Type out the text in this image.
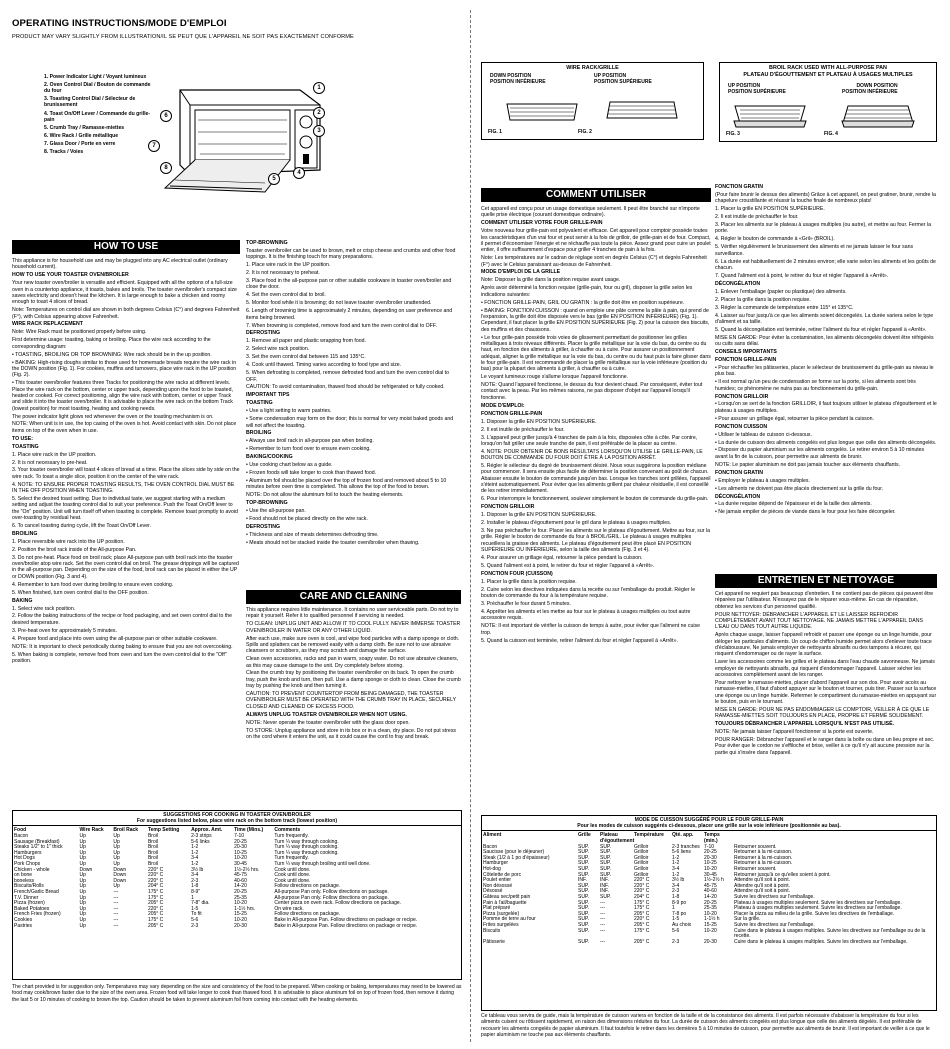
OPERATING INSTRUCTIONS/MODE D'EMPLOI
PRODUCT MAY VARY SLIGHTLY FROM ILLUSTRATION/IL SE PEUT QUE L'APPAREIL NE SOIT PAS EXACTEMENT CONFORME
1. Power Indicator Light / Voyant lumineux
2. Oven Control Dial / Bouton de commande du four
3. Toasting Control Dial / Sélecteur de brunissement
4. Toast On/Off Lever / Commande du grille-pain
5. Crumb Tray / Ramasse-miettes
6. Wire Rack / Grille métallique
7. Glass Door / Porte en verre
8. Tracks / Voies
1
2
3
4
5
6
7
8
WIRE RACK/GRILLE
DOWN POSITION
POSITION INFÉRIEURE
UP POSITION
POSITION SUPÉRIEURE
FIG. 1	FIG. 2
BROIL RACK USED WITH ALL-PURPOSE PAN
PLATEAU D'ÉGOUTTEMENT ET PLATEAU À USAGES MULTIPLES
UP POSITION
POSITION SUPÉRIEURE
DOWN POSITION
POSITION INFÉRIEURE
FIG. 3	FIG. 4
HOW TO USE
CARE AND CLEANING
COMMENT UTILISER
ENTRETIEN ET NETTOYAGE

This appliance is for household use and may be plugged into any AC electrical outlet (ordinary household current).

HOW TO USE YOUR TOASTER OVEN/BROILER

Your new toaster oven/broiler is versatile and efficient. Equipped with all the options of a full-size oven in a countertop appliance, it toasts, bakes and broils. The toaster oven/broiler's compact size saves electricity and doesn't heat the kitchen. It is large enough to bake a chicken and roomy enough to toast 4 slices of bread.

Note: Temperatures on control dial are shown in both degrees Celsius (C°) and degrees Fahrenheit (F°), with Celsius appearing above Fahrenheit.

WIRE RACK REPLACEMENT

Note: Wire Rack must be positioned properly before using.

First determine usage: toasting, baking or broiling. Place the wire rack according to the corresponding diagram:

• TOASTING, BROILING OR TOP BROWNING: Wire rack should be in the up position.

• BAKING: High-rising doughs similar to those used for homemade breads require the wire rack in the DOWN position (Fig. 1). For cookies, muffins and turnovers, place wire rack in the UP position (Fig. 2).

• This toaster oven/broiler features three Tracks for positioning the wire racks at different levels. Place the wire rack on the bottom, center or upper track, depending upon the food to be toasted, heated or cooked. For correct positioning, align the wire rack with bottom, center or upper Track and slide it into the toaster oven/broiler. It is advisable to place the wire rack on the bottom Track (lowest position) for most toasting, heating and cooking needs.

The power indicator light glows red whenever the oven or the toasting mechanism is on.

NOTE: When unit is in use, the top casing of the oven is hot. Avoid contact with skin. Do not place items on top of the oven when in use.

TO USE:

TOASTING

1. Place wire rack in the UP position.

2. It is not necessary to pre-heat.

3. Your toaster oven/broiler will toast 4 slices of bread at a time. Place the slices side by side on the wire rack. To toast a single slice, position it on the center of the wire rack.

4. NOTE: TO ENSURE PROPER TOASTING RESULTS, THE OVEN CONTROL DIAL MUST BE IN THE OFF POSITION WHEN TOASTING.

5. Select the desired toast setting. Due to individual taste, we suggest starting with a medium setting and adjust the toasting control dial to suit your preference. Push the Toast On/Off lever to the "On" position. Unit will turn itself off when toasting is complete. Remove toast promptly to avoid over-toasting by residual heat.

6. To cancel toasting during cycle, lift the Toast On/Off Lever.

BROILING

1. Place reversible wire rack into the UP position.

2. Position the broil rack inside of the All-purpose Pan.

3. Do not pre-heat. Place food on broil rack; place All-purpose pan with broil rack into the toaster oven/broiler atop wire rack. Set the oven control dial on broil. The grease drippings will be captured in the all-purpose pan. Depending on the size of the food, broil rack can be placed in either the UP or DOWN position (Fig. 3 and 4).

4. Remember to turn food over during broiling to ensure even cooking.

5. When finished, turn oven control dial to the OFF position.

BAKING

1. Select wire rack position.

2. Follow the baking instructions of the recipe or food packaging, and set oven control dial to the desired temperature.

3. Pre-heat oven for approximately 5 minutes.

4. Prepare food and place into oven using the all-purpose pan or other suitable cookware.

NOTE: It is important to check periodically during baking to ensure that you are not overcooking.

5. When baking is complete, remove food from oven and turn the oven control dial to the "Off" position.

TOP-BROWNING

Toaster oven/broiler can be used to brown, melt or crisp cheese and crumbs and other food toppings. It is the finishing touch for many preparations.

1. Place wire rack in the UP position.

2. It is not necessary to preheat.

3. Place food in the all-purpose pan or other suitable cookware in toaster oven/broiler and close the door.

4. Set the oven control dial to broil.

5. Monitor food while it is browning; do not leave toaster oven/broiler unattended.

6. Length of browning time is approximately 2 minutes, depending on user preference and items being browned.

7. When browning is completed, remove food and turn the oven control dial to OFF.

DEFROSTING

1. Remove all paper and plastic wrapping from food.

2. Select wire rack position.

3. Set the oven control dial between 115 and 135°C.

4. Cook until thawed. Timing varies according to food type and size.

5. When defrosting is completed, remove defrosted food and turn the oven control dial to OFF.

CAUTION: To avoid contamination, thawed food should be refrigerated or fully cooked.

IMPORTANT TIPS

TOASTING

• Use a light setting to warm pastries.

• Some condensation may form on the door; this is normal for very moist baked goods and will not affect the toasting.

BROILING

• Always use broil rack in all-purpose pan when broiling.

• Remember to turn food over to ensure even cooking.

BAKING/COOKING

• Use cooking chart below as a guide.

• Frozen foods will take longer to cook than thawed food.

• Aluminum foil should be placed over the top of frozen food and removed about 5 to 10 minutes before oven time is completed. This allows the top of the food to brown.

NOTE: Do not allow the aluminum foil to touch the heating elements.

TOP-BROWNING

• Use the all-purpose pan.

• Food should not be placed directly on the wire rack.

DEFROSTING

• Thickness and size of meats determines defrosting time.

• Meats should not be stacked inside the toaster oven/broiler when thawing.

This appliance requires little maintenance. It contains no user serviceable parts. Do not try to repair it yourself. Refer it to qualified personnel if servicing is needed.

TO CLEAN: UNPLUG UNIT AND ALLOW IT TO COOL FULLY. NEVER IMMERSE TOASTER OVEN/BROILER IN WATER OR ANY OTHER LIQUID.

After each use, make sure oven is cool, and wipe food particles with a damp sponge or cloth. Spills and splatters can be removed easily with a damp cloth. Be sure not to use abrasive cleansers or scrubbers, as they may scratch and damage the surface.

Clean oven accessories, racks and pan in warm, soapy water. Do not use abrasive cleaners, as this may cause damage to the unit. Dry completely before storing.

Clean the crumb tray by positioning the toaster oven/broiler on its back. To open the crumb tray, push the knob and turn, then pull. Use a damp sponge or cloth to clean. Close the crumb tray by pushing the knob and then turning it.

CAUTION: TO PREVENT COUNTERTOP FROM BEING DAMAGED, THE TOASTER OVEN/BROILER MUST BE OPERATED WITH THE CRUMB TRAY IN PLACE, SECURELY CLOSED AND CLEANED OF EXCESS FOOD.

ALWAYS UNPLUG TOASTER OVEN/BROILER WHEN NOT USING.

NOTE: Never operate the toaster oven/broiler with the glass door open.

TO STORE: Unplug appliance and store in its box or in a clean, dry place. Do not put stress on the cord where it enters the unit, as it could cause the cord to fray and break.

Cet appareil est conçu pour un usage domestique seulement. Il peut être branché sur n'importe quelle prise électrique (courant domestique ordinaire).

COMMENT UTILISER VOTRE FOUR GRILLE-PAIN

Votre nouveau four grille-pain est polyvalent et efficace. Cet appareil pour comptoir possède toutes les caractéristiques d'un vrai four et peut servir à la fois de grilloir, de grille-pain et de four. Compact, il permet d'économiser l'énergie et ne réchauffe pas toute la pièce. Assez grand pour cuire un poulet entier, il offre suffisamment d'espace pour griller 4 tranches de pain à la fois.

Note: Les températures sur le cadran de réglage sont en degrés Celsius (C°) et degrés Fahrenheit (F°) avec le Celsius paraissant au-dessus de Fahrenheit.

MODE D'EMPLOI DE LA GRILLE

Note: Disposer la grille dans la position requise avant usage.

Après avoir déterminé la fonction requise (grille-pain, four ou gril), disposer la grille selon les indications suivantes:

• FONCTION GRILLE-PAIN, GRIL OU GRATIN : la grille doit être en position supérieure.

• BAKING: FONCTION CUISSON : quand on emploie une pâte comme la pâte à pain, qui prend de l'expansion, la grille doit être disposée vers le bas (grille EN POSITION INFÉRIEURE) (Fig. 1). Cependant, il faut placer la grille EN POSITION SUPÉRIEURE (Fig. 2) pour la cuisson des biscuits, des muffins et des chaussons.

• Le four grille-pain possède trois voies de glissement permettant de positionner les grilles métalliques à trois niveaux différents. Placer la grille métallique sur la voie du bas, du centre ou du haut, en fonction des aliments à griller, à chauffer ou à cuire. Pour assurer un positionnement adéquat, aligner la grille métallique sur la voie du bas, du centre ou du haut puis la faire glisser dans le four grille-pain. Il est recommandé de placer la grille métallique sur la voie inférieure (position du bas) pour la plupart des aliments à griller, à chauffer ou à cuire.

Le voyant lumineux rouge s'allume lorsque l'appareil fonctionne.

NOTE: Quand l'appareil fonctionne, le dessus du four devient chaud. Par conséquent, éviter tout contact avec la peau. Par les mêmes raisons, ne pas disposer d'objet sur l'appareil lorsqu'il fonctionne.

MODE D'EMPLOI:

FONCTION GRILLE-PAIN

1. Disposer la grille EN POSITION SUPÉRIEURE.

2. Il est inutile de préchauffer le four.

3. L'appareil peut griller jusqu'à 4 tranches de pain à la fois, disposées côte à côte. Par contre, lorsqu'on fait griller une seule tranche de pain, il est préférable de la placer au centre.

4. NOTE: POUR OBTENIR DE BONS RÉSULTATS LORSQU'ON UTILISE LE GRILLE-PAIN, LE BOUTON DE COMMANDE DU FOUR DOIT ÊTRE À LA POSITION ARRÊT.

5. Régler le sélecteur du degré de brunissement désiré. Nous vous suggérons la position médiane pour commencer. Il sera ensuite plus facile de déterminer la position convenant au goût de chacun. Abaisser ensuite le bouton de commande jusqu'en bas. Lorsque les tranches sont grillées, l'appareil s'éteint automatiquement. Pour éviter que les aliments grillent par chaleur résiduelle, il est conseillé de les retirer immédiatement.

6. Pour interrompre le fonctionnement, soulever simplement le bouton de commande du grille-pain.

FONCTION GRILLOIR

1. Disposer la grille EN POSITION SUPÉRIEURE.

2. Installer le plateau d'égouttement pour le gril dans le plateau à usages multiples.

3. Ne pas préchauffer le four. Placer les aliments sur le plateau d'égouttement. Mettre au four, sur la grille. Régler le bouton de commande du four à BROIL/GRIL. Le plateau à usages multiples recueillera la graisse des aliments. Le plateau d'égouttement peut être placé EN POSITION SUPÉRIEURE OU INFÉRIEURE, selon la taille des aliments (Fig. 3 et 4).

4. Pour assurer un grillage égal, retourner la pièce pendant la cuisson.

5. Quand l'aliment est à point, le retirer du four et régler l'appareil à «Arrêt».

FONCTION FOUR (CUISSON)

1. Placer la grille dans la position requise.

2. Cuire selon les directives indiquées dans la recette ou sur l'emballage du produit. Régler le bouton de commande du four à la température requise.

3. Préchauffer le four durant 5 minutes.

4. Apprêter les aliments et les mettre au four sur le plateau à usages multiples ou tout autre accessoire requis.

NOTE: Il est important de vérifier la cuisson de temps à autre, pour éviter que l'aliment ne cuise trop.

5. Quand la cuisson est terminée, retirer l'aliment du four et régler l'appareil à «Arrêt».

FONCTION GRATIN

(Pour faire brunir le dessus des aliments) Grâce à cet appareil, on peut gratiner, brunir, rendre la chapelure croustillante et réussir la touche finale de nombreux plats!

1. Placer la grille EN POSITION SUPÉRIEURE.

2. Il est inutile de préchauffer le four.

3. Placer les aliments sur le plateau à usages multiples (ou autre), et mettre au four. Fermer la porte.

4. Régler le bouton de commande à «Gril» (BROIL).

5. Vérifier régulièrement le brunissement des aliments et ne jamais laisser le four sans surveillance.

6. La durée est habituellement de 2 minutes environ; elle varie selon les aliments et les goûts de chacun.

7. Quand l'aliment est à point, le retirer du four et régler l'appareil à «Arrêt».

DÉCONGÉLATION

1. Enlever l'emballage (papier ou plastique) des aliments.

2. Placer la grille dans la position requise.

3. Régler la commande de température entre 115° et 135°C.

4. Laisser au four jusqu'à ce que les aliments soient décongelés. La durée variera selon le type d'aliment et sa taille.

5. Quand la décongélation est terminée, retirer l'aliment du four et régler l'appareil à «Arrêt».

MISE EN GARDE: Pour éviter la contamination, les aliments décongelés doivent être réfrigérés ou cuits sans délai.

CONSEILS IMPORTANTS

FONCTION GRILLE-PAIN

• Pour réchauffer les pâtisseries, placer le sélecteur de brunissement du grille-pain au niveau le plus bas.

• Il est normal qu'un peu de condensation se forme sur la porte, si les aliments sont très humides; ce phénomène ne nuira pas au fonctionnement du grille-pain.

FONCTION GRILLOIR

• Lorsqu'on se sert de la fonction GRILLOIR, il faut toujours utiliser le plateau d'égouttement et le plateau à usages multiples.

• Pour assurer un grillage égal, retourner la pièce pendant la cuisson.

FONCTION CUISSON

• Utiliser le tableau de cuisson ci-dessous.

• La durée de cuisson des aliments congelés est plus longue que celle des aliments décongelés.

• Disposer du papier aluminium sur les aliments congelés. Le retirer environ 5 à 10 minutes avant la fin de la cuisson, pour permettre aux aliments de brunir.

NOTE: Le papier aluminium ne doit pas jamais toucher aux éléments chauffants.

FONCTION GRATIN

• Employer le plateau à usages multiples.

• Les aliments ne doivent pas être placés directement sur la grille du four.

DÉCONGÉLATION

• La durée requise dépend de l'épaisseur et de la taille des aliments.

• Ne jamais empiler de pièces de viande dans le four pour les faire décongeler.

Cet appareil ne requiert pas beaucoup d'entretien. Il ne contient pas de pièces qui peuvent être réparées par l'utilisateur. N'essayez pas de le réparer vous-même. En cas de réparation, obtenez les services d'un personnel qualifié.

POUR NETTOYER: DÉBRANCHER L'APPAREIL ET LE LAISSER REFROIDIR COMPLÈTEMENT AVANT TOUT NETTOYAGE. NE JAMAIS METTRE L'APPAREIL DANS L'EAU OU DANS TOUT AUTRE LIQUIDE.

Après chaque usage, laisser l'appareil refroidir et passer une éponge ou un linge humide, pour déloger les particules d'aliments. Un coup de chiffon humide permet alors d'enlever toute trace d'éclaboussure. Ne jamais employer de nettoyants abrasifs ou des tampons à récurer, qui risquent d'endommager ou de rayer la surface.

Laver les accessoires comme les grilles et le plateau dans l'eau chaude savonneuse. Ne jamais employer de nettoyants abrasifs, qui risquent d'endommager l'appareil. Laisser sécher les accessoires complètement avant de les ranger.

Pour nettoyer le ramasse-miettes, placer d'abord l'appareil sur son dos. Pour avoir accès au ramasse-miettes, il faut d'abord appuyer sur le bouton et tourner, puis tirer. Passer sur la surface une éponge ou un linge humide. Refermer le compartiment du ramasse-miettes en appuyant sur le bouton, puis en le tournant.

MISE EN GARDE: POUR NE PAS ENDOMMAGER LE COMPTOIR, VEILLER À CE QUE LE RAMASSE-MIETTES SOIT TOUJOURS EN PLACE, PROPRE ET FERMÉ SOLIDEMENT.

TOUJOURS DÉBRANCHER L'APPAREIL LORSQU'IL N'EST PAS UTILISÉ.

NOTE: Ne jamais laisser l'appareil fonctionner si la porte est ouverte.

POUR RANGER: Débrancher l'appareil et le ranger dans la boîte ou dans un lieu propre et sec. Pour éviter que le cordon ne s'effiloche et brise, veiller à ce qu'il n'y ait aucune pression sur la partie qui s'insère dans l'appareil.

SUGGESTIONS FOR COOKING IN TOASTER OVEN/BROILER
For suggestions listed below, place wire rack on the bottom track (lowest position)
Food	Wire Rack	Broil Rack	Temp Setting	Approx. Amt.	Time (Mins.)	Comments
Bacon	Up	Up	Broil	2-3 strips	7-10	Turn frequently.
Sausage (Breakfast)	Up	Up	Broil	5-6 links	20-25	Turn ¼ way through cooking.
Steaks 1/2" to 1" thick	Up	Up	Broil	1-2	20-30	Turn ¼ way through cooking.
Hamburgers	Up	Up	Broil	1-2	10-25	Turn ¼ way through cooking.
Hot Dogs	Up	Up	Broil	3-4	10-20	Turn frequently.
Pork Chops	Up	Up	Broil	1-2	30-45	Turn ¼ way through broiling until well done.
Chicken - whole	Down	Down	220° C	3½ lb	1½-2½ hrs.	Cook until done.
on bone	Up	Down	220° C	3-4	45-75	Cook until done.
boneless	Up	Down	220° C	2-3	40-60	Cook until done.
Biscuits/Rolls	Up	Up	204° C	1-8	14-20	Follow directions on package.
French/Garlic Bread	Up	---	175° C	8-9"	20-25	All-purpose Pan only. Follow directions on package.
T.V. Dinner	Up	---	175° C	1	25-35	All-purpose Pan only. Follow directions on package.
Pizza (frozen)	Up	---	205° C	7-8" dia.	10-20	Center pizza on oven rack. Follow directions on package.
Baked Potatoes	Up	---	220° C	1-5	1-1½ hrs.	On wire rack.
French Fries (frozen)	Up	---	205° C	To fit	15-25	Follow directions on package.
Cookies	Up	---	175° C	5-6	10-20	Bake in All-purpose Pan. Follow directions on package or recipe.
Pastries	Up	---	205° C	2-3	20-30	Bake in All-purpose Pan. Follow directions on package or recipe.
The chart provided is for suggestion only. Temperatures may vary depending on the size and consistency of the food to be prepared. When cooking or baking, temperatures may need to be lowered as food may cook/brown faster due to the size of the oven area. Frozen food will take longer to cook than thawed food. It is advisable to place aluminum foil on top of frozen food, then remove it during the last 5 or 10 minutes of cooking to brown the top. Caution should be taken to prevent aluminum foil from coming into contact with the heating elements.
MODE DE CUISSON SUGGÉRÉ POUR LE FOUR GRILLE-PAIN
Pour les modes de cuisson suggérés ci-dessous, placer une grille sur la voie inférieure (positionnée au bas).
Aliment	Grille	Plateau d'égouttement	Température	Qté. app.	Temps (min.)	
Bacon	SUP.	SUP.	Grilloir	2-3 tranches	7-10	Retourner souvent.
Saucisse (pour le déjeuner)	SUP.	SUP.	Grilloir	5-6 liens	20-25	Retourner à la mi-cuisson.
Steak (1/2 à 1 po d'épaisseur)	SUP.	SUP.	Grilloir	1-2	20-30	Retourner à la mi-cuisson.
Hamburger	SUP.	SUP.	Grilloir	1-2	10-25	Retourner à la mi-cuisson.
Hot-dog	SUP.	SUP.	Grilloir	3-4	10-20	Retourner souvent.
Côtelette de porc	SUP.	SUP.	Grilloir	1-2	30-45	Retourner jusqu'à ce qu'elles soient à point.
Poulet entier	INF.	INF.	220° C	3½ lb	1½-2½ h	Attendre qu'il soit à point.
Non désossé	SUP.	INF.	220° C	3-4	45-75	Attendre qu'il soit à point.
Désossé	SUP.	INF.	220° C	2-3	40-60	Attendre qu'il soit à point.
Gâteau sec/petit pain	SUP.	SUP.	204° C	1-8	14-20	Suivre les directives sur l'emballage.
Pain à l'ail/baguette	SUP.	---	175° C	8-9 po	20-25	Plateau à usages multiples seulement. Suivre les directives sur l'emballage.
Plat préparé	SUP.	---	175° C	1	25-35	Plateau à usages multiples seulement. Suivre les directives sur l'emballage.
Pizza (surgelée)	SUP.	---	205° C	7-8 po	10-20	Placer la pizza au milieu de la grille. Suivre les directives de l'emballage.
Pomme de terre au four	SUP.	---	220° C	1-5	1-1½ h	Sur la grille.
Frites surgelées	SUP.	---	205° C	Au choix	15-25	Suivre les directives sur l'emballage.
Biscuits	SUP.	---	175° C	5-6	10-20	Cuire dans le plateau à usages multiples. Suivre les directives sur l'emballage ou de la recette.
Pâtisserie	SUP.	---	205° C	2-3	20-30	Cuire dans le plateau à usages multiples. Suivre les directives sur l'emballage.
Ce tableau vous servira de guide, mais la température de cuisson variera en fonction de la taille et de la consistance des aliments. Il est parfois nécessaire d'abaisser la température du four si les aliments cuisent ou rôtissent rapidement, en raison des dimensions réduites du four. La durée de cuisson des aliments congelés est plus longue que celle des aliments dégelés. Il est préférable de recouvrir les aliments congelés de papier aluminium. Il faut toutefois le retirer dans les dernières 5 à 10 minutes de cuisson, pour permettre aux aliments de brunir. Il est important de veiller à ce que le papier aluminium ne touche pas aux éléments chauffants.
